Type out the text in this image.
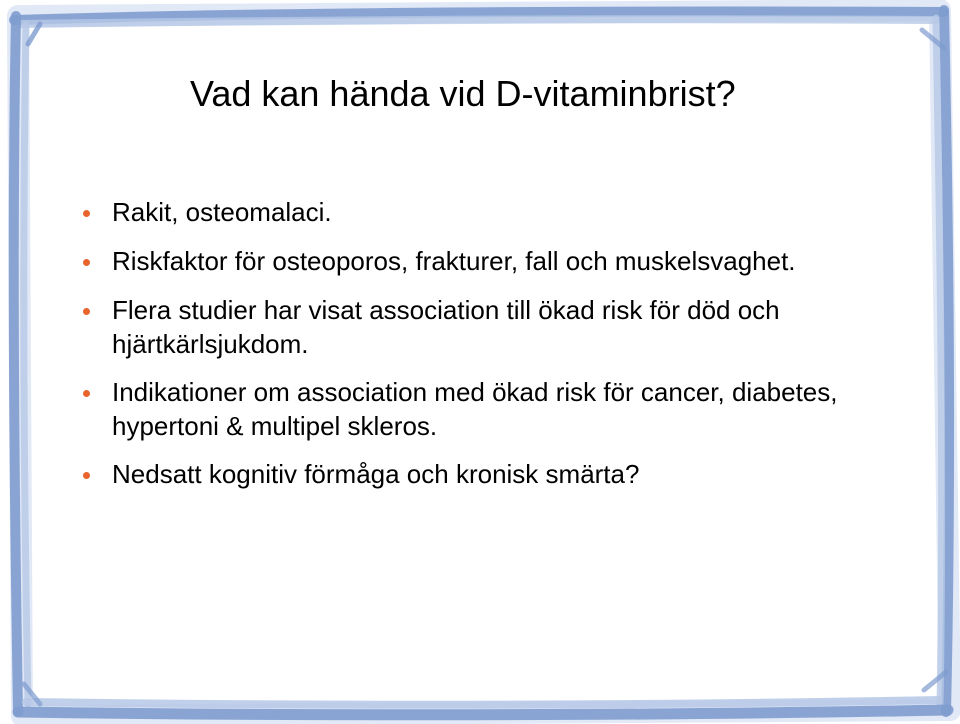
Vad kan hända vid D-vitaminbrist?

Rakit, osteomalaci.

Riskfaktor för osteoporos, frakturer, fall och muskelsvaghet.

Flera studier har visat association till ökad risk för död och hjärtkärlsjukdom.

Indikationer om association med ökad risk för cancer, diabetes, hypertoni & multipel skleros.

Nedsatt kognitiv förmåga och kronisk smärta?
